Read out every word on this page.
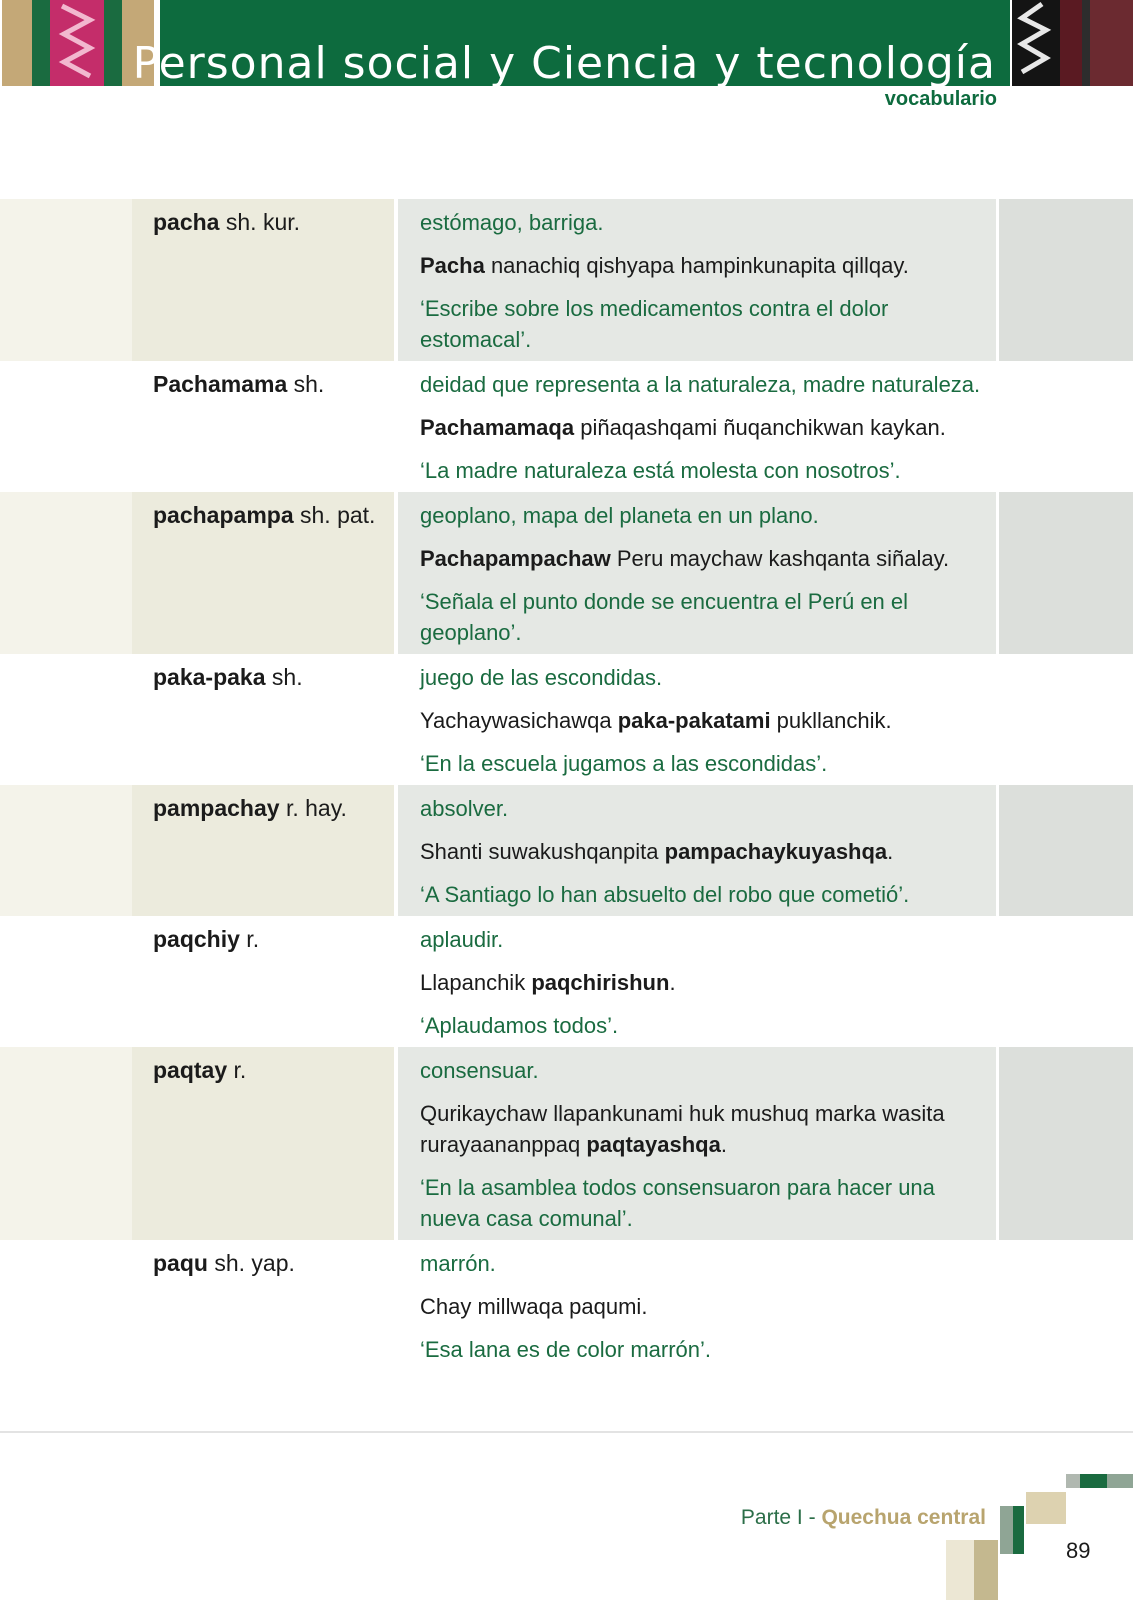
Personal social y Ciencia y tecnología
vocabulario
pacha sh. kur.	estómago, barriga.

Pacha nanachiq qishyapa hampinkunapita qillqay.

‘Escribe sobre los medicamentos contra el dolor estomacal’.

Pachamama sh.	deidad que representa a la naturaleza, madre naturaleza.

Pachamamaqa piñaqashqami ñuqanchikwan kaykan.

‘La madre naturaleza está molesta con nosotros’.

pachapampa sh. pat.	geoplano, mapa del planeta en un plano.

Pachapampachaw Peru maychaw kashqanta siñalay.

‘Señala el punto donde se encuentra el Perú en el geoplano’.

paka-paka sh.	juego de las escondidas.

Yachaywasichawqa paka-pakatami pukllanchik.

‘En la escuela jugamos a las escondidas’.

pampachay r. hay.	absolver.

Shanti suwakushqanpita pampachaykuyashqa.

‘A Santiago lo han absuelto del robo que cometió’.

paqchiy r.	aplaudir.

Llapanchik paqchirishun.

‘Aplaudamos todos’.

paqtay r.	consensuar.

Qurikaychaw llapankunami huk mushuq marka wasita rurayaananppaq paqtayashqa.

‘En la asamblea todos consensuaron para hacer una nueva casa comunal’.

paqu sh. yap.	marrón.

Chay millwaqa paqumi.

‘Esa lana es de color marrón’.

Parte I - Quechua central
89
